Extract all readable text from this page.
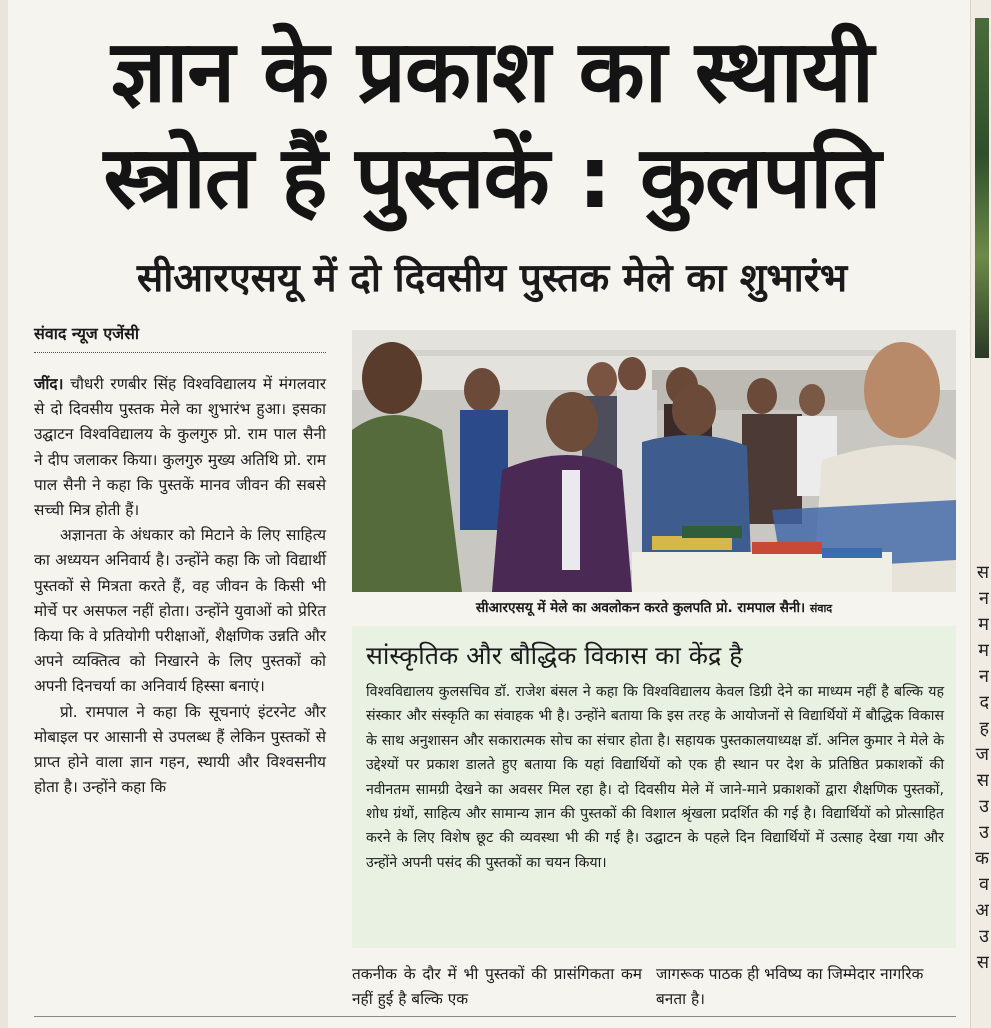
स न म म न द ह ज स उ उ क व अ उ स
ज्ञान के प्रकाश का स्थायी
स्त्रोत हैं पुस्तकें : कुलपति
सीआरएसयू में दो दिवसीय पुस्तक मेले का शुभारंभ
संवाद न्यूज एजेंसी

जींद। चौधरी रणबीर सिंह विश्वविद्यालय में मंगलवार से दो दिवसीय पुस्तक मेले का शुभारंभ हुआ। इसका उद्घाटन विश्वविद्यालय के कुलगुरु प्रो. राम पाल सैनी ने दीप जलाकर किया। कुलगुरु मुख्य अतिथि प्रो. राम पाल सैनी ने कहा कि पुस्तकें मानव जीवन की सबसे सच्ची मित्र होती हैं।

अज्ञानता के अंधकार को मिटाने के लिए साहित्य का अध्ययन अनिवार्य है। उन्होंने कहा कि जो विद्यार्थी पुस्तकों से मित्रता करते हैं, वह जीवन के किसी भी मोर्चे पर असफल नहीं होता। उन्होंने युवाओं को प्रेरित किया कि वे प्रतियोगी परीक्षाओं, शैक्षणिक उन्नति और अपने व्यक्तित्व को निखारने के लिए पुस्तकों को अपनी दिनचर्या का अनिवार्य हिस्सा बनाएं।

प्रो. रामपाल ने कहा कि सूचनाएं इंटरनेट और मोबाइल पर आसानी से उपलब्ध हैं लेकिन पुस्तकों से प्राप्त होने वाला ज्ञान गहन, स्थायी और विश्वसनीय होता है। उन्होंने कहा कि

सीआरएसयू में मेले का अवलोकन करते कुलपति प्रो. रामपाल सैनी। संवाद
सांस्कृतिक और बौद्धिक विकास का केंद्र है
विश्वविद्यालय कुलसचिव डॉ. राजेश बंसल ने कहा कि विश्वविद्यालय केवल डिग्री देने का माध्यम नहीं है बल्कि यह संस्कार और संस्कृति का संवाहक भी है। उन्होंने बताया कि इस तरह के आयोजनों से विद्यार्थियों में बौद्धिक विकास के साथ अनुशासन और सकारात्मक सोच का संचार होता है। सहायक पुस्तकालयाध्यक्ष डॉ. अनिल कुमार ने मेले के उद्देश्यों पर प्रकाश डालते हुए बताया कि यहां विद्यार्थियों को एक ही स्थान पर देश के प्रतिष्ठित प्रकाशकों की नवीनतम सामग्री देखने का अवसर मिल रहा है। दो दिवसीय मेले में जाने-माने प्रकाशकों द्वारा शैक्षणिक पुस्तकों, शोध ग्रंथों, साहित्य और सामान्य ज्ञान की पुस्तकों की विशाल श्रृंखला प्रदर्शित की गई है। विद्यार्थियों को प्रोत्साहित करने के लिए विशेष छूट की व्यवस्था भी की गई है। उद्घाटन के पहले दिन विद्यार्थियों में उत्साह देखा गया और उन्होंने अपनी पसंद की पुस्तकों का चयन किया।
तकनीक के दौर में भी पुस्तकों की प्रासंगिकता कम नहीं हुई है बल्कि एक
जागरूक पाठक ही भविष्य का जिम्मेदार नागरिक बनता है।
